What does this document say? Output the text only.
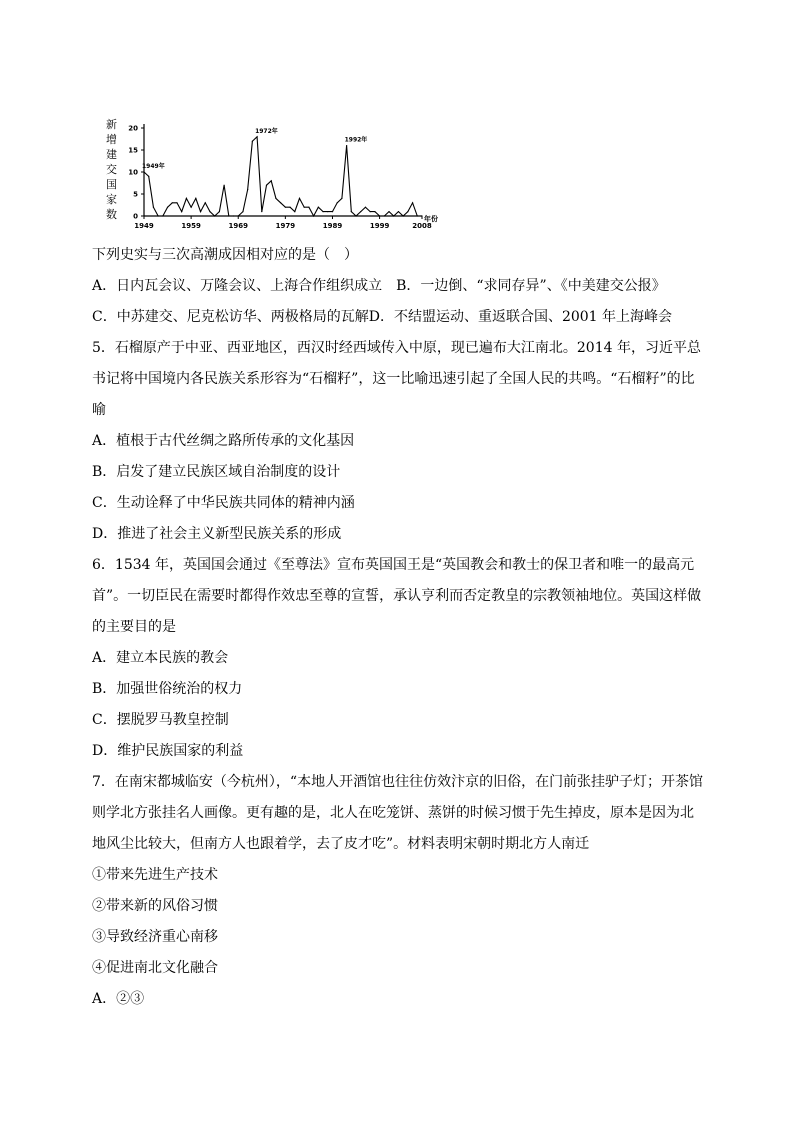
新
增
建
交
国
家
数 0
5
10
15
20
1949	1959	1969	1979	1989	1999	2008
1949年
1972年
1992年
年份
下列史实与三次高潮成因相对应的是（　）
A．日内瓦会议、万隆会议、上海合作组织成立 B．一边倒、“求同存异”、《中美建交公报》
C．中苏建交、尼克松访华、两极格局的瓦解D．不结盟运动、重返联合国、2001 年上海峰会
5．石榴原产于中亚、西亚地区，西汉时经西域传入中原，现已遍布大江南北。2014 年，习近平总
书记将中国境内各民族关系形容为“石榴籽”，这一比喻迅速引起了全国人民的共鸣。“石榴籽”的比
喻
A．植根于古代丝绸之路所传承的文化基因
B．启发了建立民族区域自治制度的设计
C．生动诠释了中华民族共同体的精神内涵
D．推进了社会主义新型民族关系的形成
6．1534 年，英国国会通过《至尊法》宣布英国国王是“英国教会和教士的保卫者和唯一的最高元
首”。一切臣民在需要时都得作效忠至尊的宣誓，承认亨利而否定教皇的宗教领袖地位。英国这样做
的主要目的是
A．建立本民族的教会
B．加强世俗统治的权力
C．摆脱罗马教皇控制
D．维护民族国家的利益
7．在南宋都城临安（今杭州），“本地人开酒馆也往往仿效汴京的旧俗，在门前张挂驴子灯；开茶馆
则学北方张挂名人画像。更有趣的是，北人在吃笼饼、蒸饼的时候习惯于先生掉皮，原本是因为北
地风尘比较大，但南方人也跟着学，去了皮才吃”。材料表明宋朝时期北方人南迁
①带来先进生产技术
②带来新的风俗习惯
③导致经济重心南移
④促进南北文化融合
A．②③
